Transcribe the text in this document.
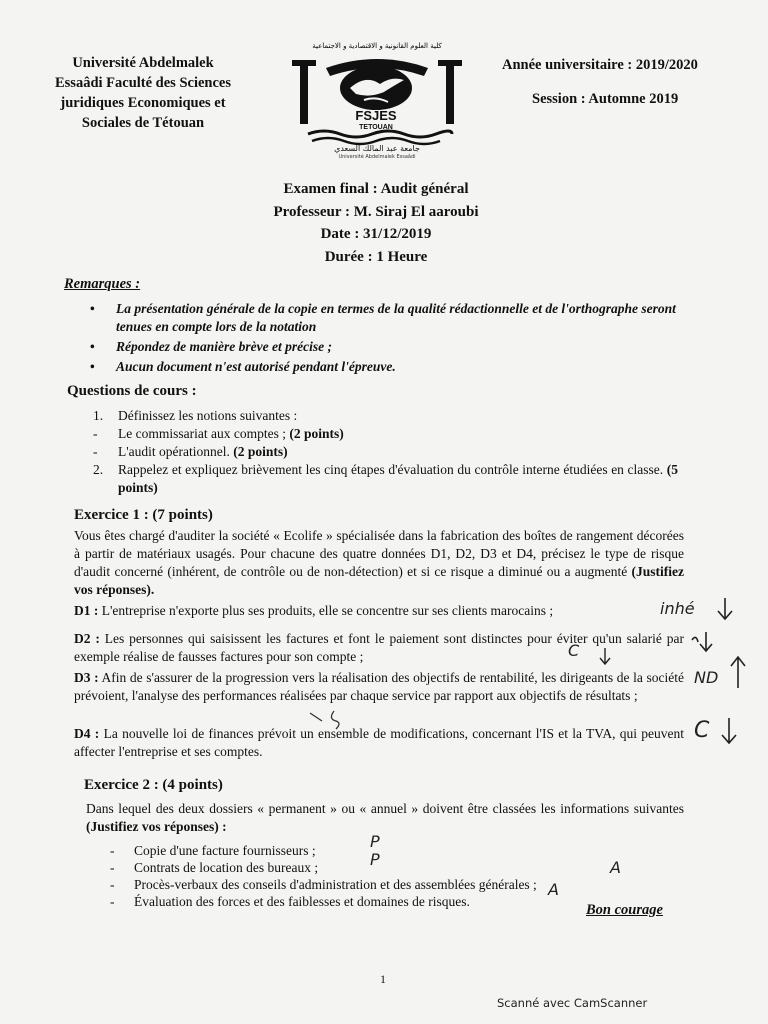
Université Abdelmalek
Essaâdi Faculté des Sciences
juridiques Economiques et
Sociales de Tétouan
كلية العلوم القانونية و الاقتصادية و الاجتماعية
FSJES
TETOUAN
جامعة عبد المالك السعدي
Université Abdelmalek Essaâdi
Année universitaire : 2019/2020
Session : Automne 2019
Examen final : Audit général
Professeur : M. Siraj El aaroubi
Date : 31/12/2019
Durée : 1 Heure
Remarques :
• La présentation générale de la copie en termes de la qualité rédactionnelle et de l'orthographe seront tenues en compte lors de la notation
• Répondez de manière brève et précise ;
• Aucun document n'est autorisé pendant l'épreuve.
Questions de cours :
1. Définissez les notions suivantes :
- Le commissariat aux comptes ; (2 points)
- L'audit opérationnel. (2 points)
2. Rappelez et expliquez brièvement les cinq étapes d'évaluation du contrôle interne étudiées en classe. (5 points)
Exercice 1 : (7 points)
Vous êtes chargé d'auditer la société « Ecolife » spécialisée dans la fabrication des boîtes de rangement décorées à partir de matériaux usagés. Pour chacune des quatre données D1, D2, D3 et D4, précisez le type de risque d'audit concerné (inhérent, de contrôle ou de non-détection) et si ce risque a diminué ou a augmenté (Justifiez vos réponses).
D1 : L'entreprise n'exporte plus ses produits, elle se concentre sur ses clients marocains ;
D2 : Les personnes qui saisissent les factures et font le paiement sont distinctes pour éviter qu'un salarié par exemple réalise de fausses factures pour son compte ;
D3 : Afin de s'assurer de la progression vers la réalisation des objectifs de rentabilité, les dirigeants de la société prévoient, l'analyse des performances réalisées par chaque service par rapport aux objectifs de résultats ;
D4 : La nouvelle loi de finances prévoit un ensemble de modifications, concernant l'IS et la TVA, qui peuvent affecter l'entreprise et ses comptes.
inhé
C
ND
C
Exercice 2 : (4 points)
Dans lequel des deux dossiers « permanent » ou « annuel » doivent être classées les informations suivantes (Justifiez vos réponses) :
- Copie d'une facture fournisseurs ;
- Contrats de location des bureaux ;
- Procès-verbaux des conseils d'administration et des assemblées générales ;
- Évaluation des forces et des faiblesses et domaines de risques.
P
P	A
A
Bon courage
1
Scanné avec CamScanner
